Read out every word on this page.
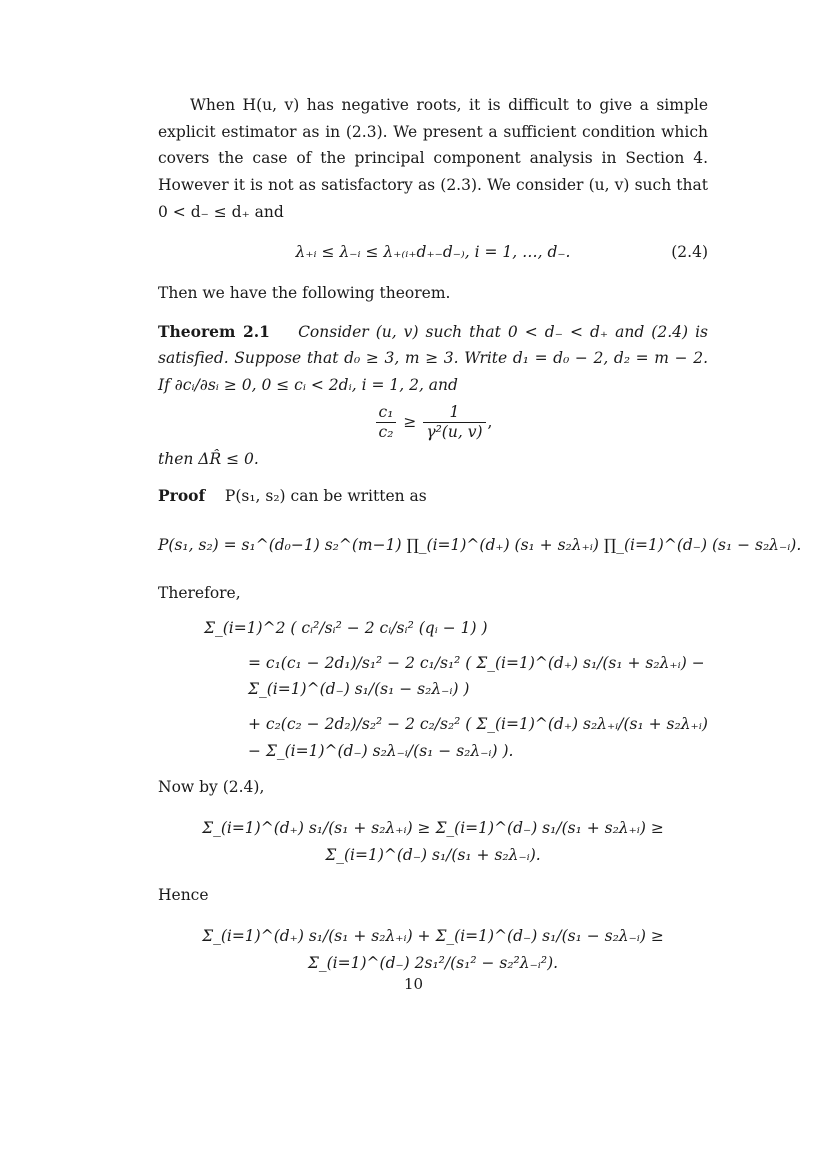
When H(u, v) has negative roots, it is difficult to give a simple explicit estimator as in (2.3). We present a sufficient condition which covers the case of the principal component analysis in Section 4. However it is not as satisfactory as (2.3). We consider (u, v) such that 0 < d₋ ≤ d₊ and

λ₊ᵢ ≤ λ₋ᵢ ≤ λ₊₍ᵢ₊d₊₋d₋₎, i = 1, …, d₋.	(2.4)

Then we have the following theorem.

Theorem 2.1 Consider (u, v) such that 0 < d₋ < d₊ and (2.4) is satisfied. Suppose that d₀ ≥ 3, m ≥ 3. Write d₁ = d₀ − 2, d₂ = m − 2. If ∂cᵢ/∂sᵢ ≥ 0, 0 ≤ cᵢ < 2dᵢ, i = 1, 2, and

$\frac{\text{c₁}}{\text{c₂}} \ge \frac{1}{\text{γ²(u, v)}}$ ,

then ΔR̂ ≤ 0.

Proof P(s₁, s₂) can be written as

P(s₁, s₂) = s₁^(d₀−1) s₂^(m−1) ∏_(i=1)^(d₊) (s₁ + s₂λ₊ᵢ) ∏_(i=1)^(d₋) (s₁ − s₂λ₋ᵢ).

Therefore,

Σ_(i=1)^2 ( cᵢ²/sᵢ² − 2 cᵢ/sᵢ² (qᵢ − 1) )
= c₁(c₁ − 2d₁)/s₁² − 2 c₁/s₁² ( Σ_(i=1)^(d₊) s₁/(s₁ + s₂λ₊ᵢ) − Σ_(i=1)^(d₋) s₁/(s₁ − s₂λ₋ᵢ) )
+ c₂(c₂ − 2d₂)/s₂² − 2 c₂/s₂² ( Σ_(i=1)^(d₊) s₂λ₊ᵢ/(s₁ + s₂λ₊ᵢ) − Σ_(i=1)^(d₋) s₂λ₋ᵢ/(s₁ − s₂λ₋ᵢ) ).

Now by (2.4),

Σ_(i=1)^(d₊) s₁/(s₁ + s₂λ₊ᵢ) ≥ Σ_(i=1)^(d₋) s₁/(s₁ + s₂λ₊ᵢ) ≥ Σ_(i=1)^(d₋) s₁/(s₁ + s₂λ₋ᵢ).

Hence

Σ_(i=1)^(d₊) s₁/(s₁ + s₂λ₊ᵢ) + Σ_(i=1)^(d₋) s₁/(s₁ − s₂λ₋ᵢ) ≥ Σ_(i=1)^(d₋) 2s₁²/(s₁² − s₂²λ₋ᵢ²).
10
